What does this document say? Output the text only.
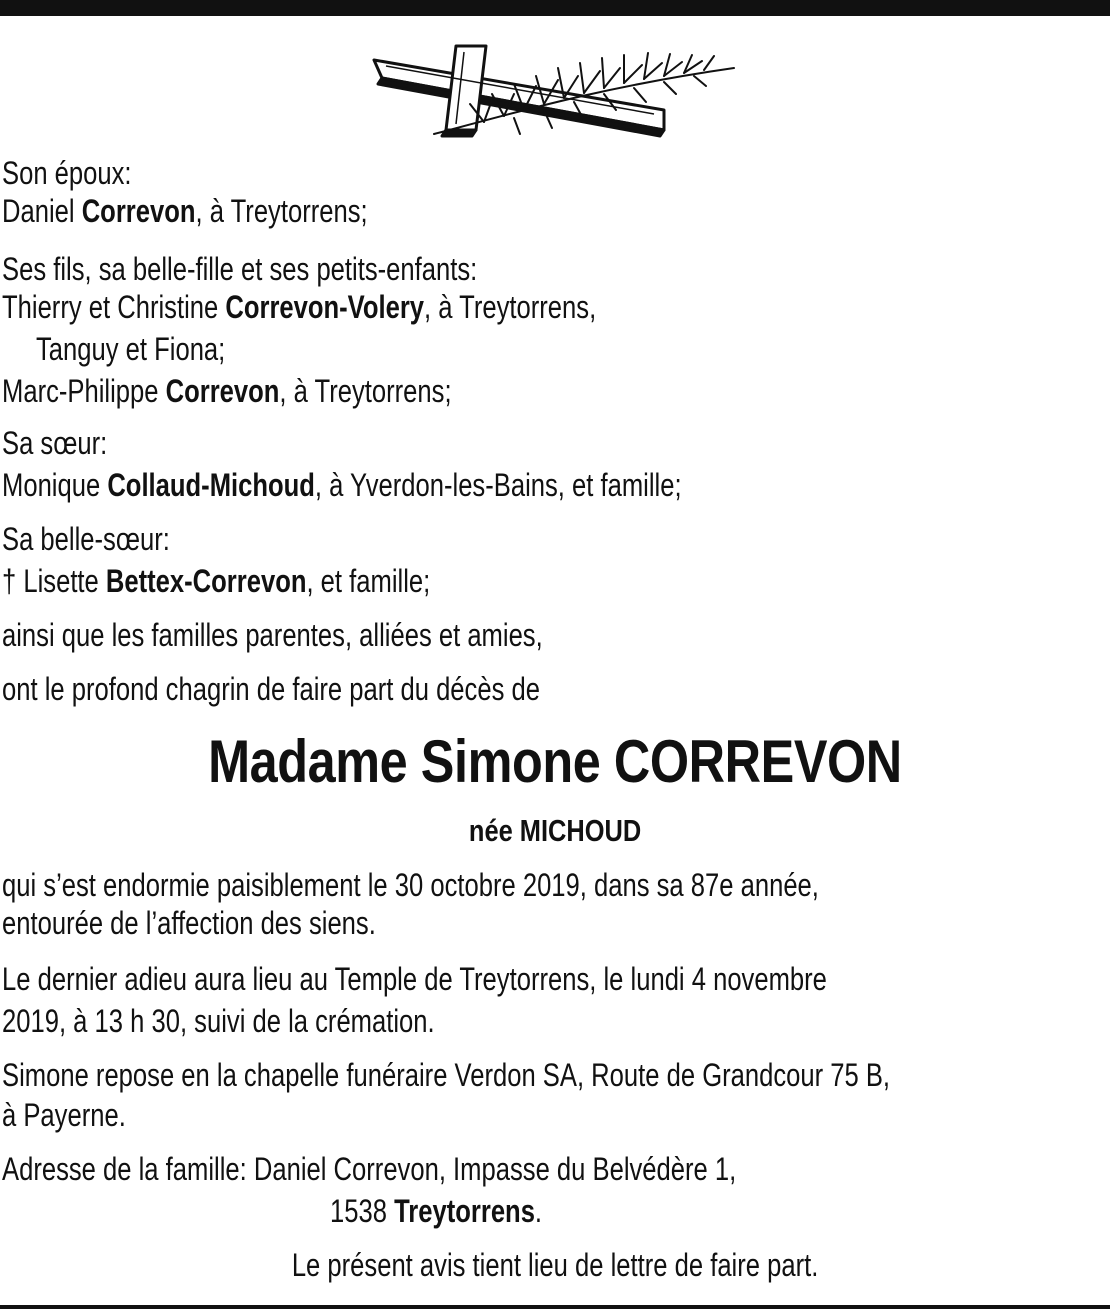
Son époux:
Daniel Correvon, à Treytorrens;
Ses fils, sa belle-fille et ses petits-enfants:
Thierry et Christine Correvon-Volery, à Treytorrens,
Tanguy et Fiona;
Marc-Philippe Correvon, à Treytorrens;
Sa sœur:
Monique Collaud-Michoud, à Yverdon-les-Bains, et famille;
Sa belle-sœur:
† Lisette Bettex-Correvon, et famille;
ainsi que les familles parentes, alliées et amies,
ont le profond chagrin de faire part du décès de
Madame Simone CORREVON
née MICHOUD
qui s’est endormie paisiblement le 30 octobre 2019, dans sa 87e année,
entourée de l’affection des siens.
Le dernier adieu aura lieu au Temple de Treytorrens, le lundi 4 novembre
2019, à 13 h 30, suivi de la crémation.
Simone repose en la chapelle funéraire Verdon SA, Route de Grandcour 75 B,
à Payerne.
Adresse de la famille: Daniel Correvon, Impasse du Belvédère 1,
1538 Treytorrens.
Le présent avis tient lieu de lettre de faire part.
